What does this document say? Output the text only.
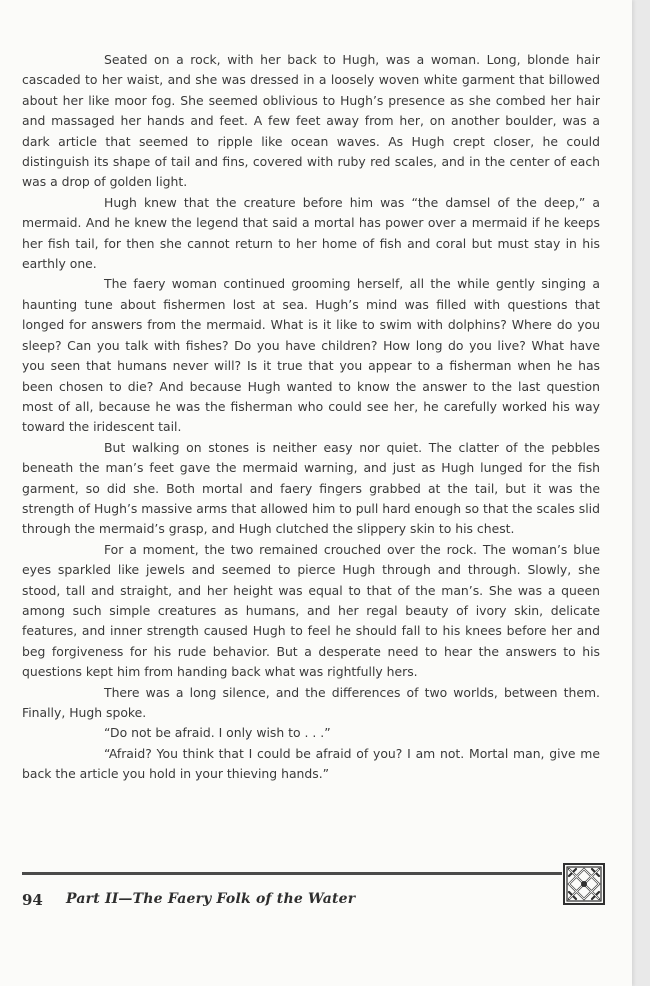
Seated on a rock, with her back to Hugh, was a woman. Long, blonde hair cascaded to her waist, and she was dressed in a loosely woven white garment that billowed about her like moor fog. She seemed oblivious to Hugh’s presence as she combed her hair and massaged her hands and feet. A few feet away from her, on another boulder, was a dark article that seemed to ripple like ocean waves. As Hugh crept closer, he could distinguish its shape of tail and fins, covered with ruby red scales, and in the center of each was a drop of golden light.

Hugh knew that the creature before him was “the damsel of the deep,” a mermaid. And he knew the legend that said a mortal has power over a mermaid if he keeps her fish tail, for then she cannot return to her home of fish and coral but must stay in his earthly one.

The faery woman continued grooming herself, all the while gently singing a haunting tune about fishermen lost at sea. Hugh’s mind was filled with questions that longed for answers from the mermaid. What is it like to swim with dolphins? Where do you sleep? Can you talk with fishes? Do you have children? How long do you live? What have you seen that humans never will? Is it true that you appear to a fisherman when he has been chosen to die? And because Hugh wanted to know the answer to the last question most of all, because he was the fisherman who could see her, he carefully worked his way toward the iridescent tail.

But walking on stones is neither easy nor quiet. The clatter of the pebbles beneath the man’s feet gave the mermaid warning, and just as Hugh lunged for the fish garment, so did she. Both mortal and faery fingers grabbed at the tail, but it was the strength of Hugh’s massive arms that allowed him to pull hard enough so that the scales slid through the mermaid’s grasp, and Hugh clutched the slippery skin to his chest.

For a moment, the two remained crouched over the rock. The woman’s blue eyes sparkled like jewels and seemed to pierce Hugh through and through. Slowly, she stood, tall and straight, and her height was equal to that of the man’s. She was a queen among such simple creatures as humans, and her regal beauty of ivory skin, delicate features, and inner strength caused Hugh to feel he should fall to his knees before her and beg forgiveness for his rude behavior. But a desperate need to hear the answers to his questions kept him from handing back what was rightfully hers.

There was a long silence, and the differences of two worlds, between them. Finally, Hugh spoke.

“Do not be afraid. I only wish to . . .”

“Afraid? You think that I could be afraid of you? I am not. Mortal man, give me back the article you hold in your thieving hands.”

94 Part II—The Faery Folk of the Water
